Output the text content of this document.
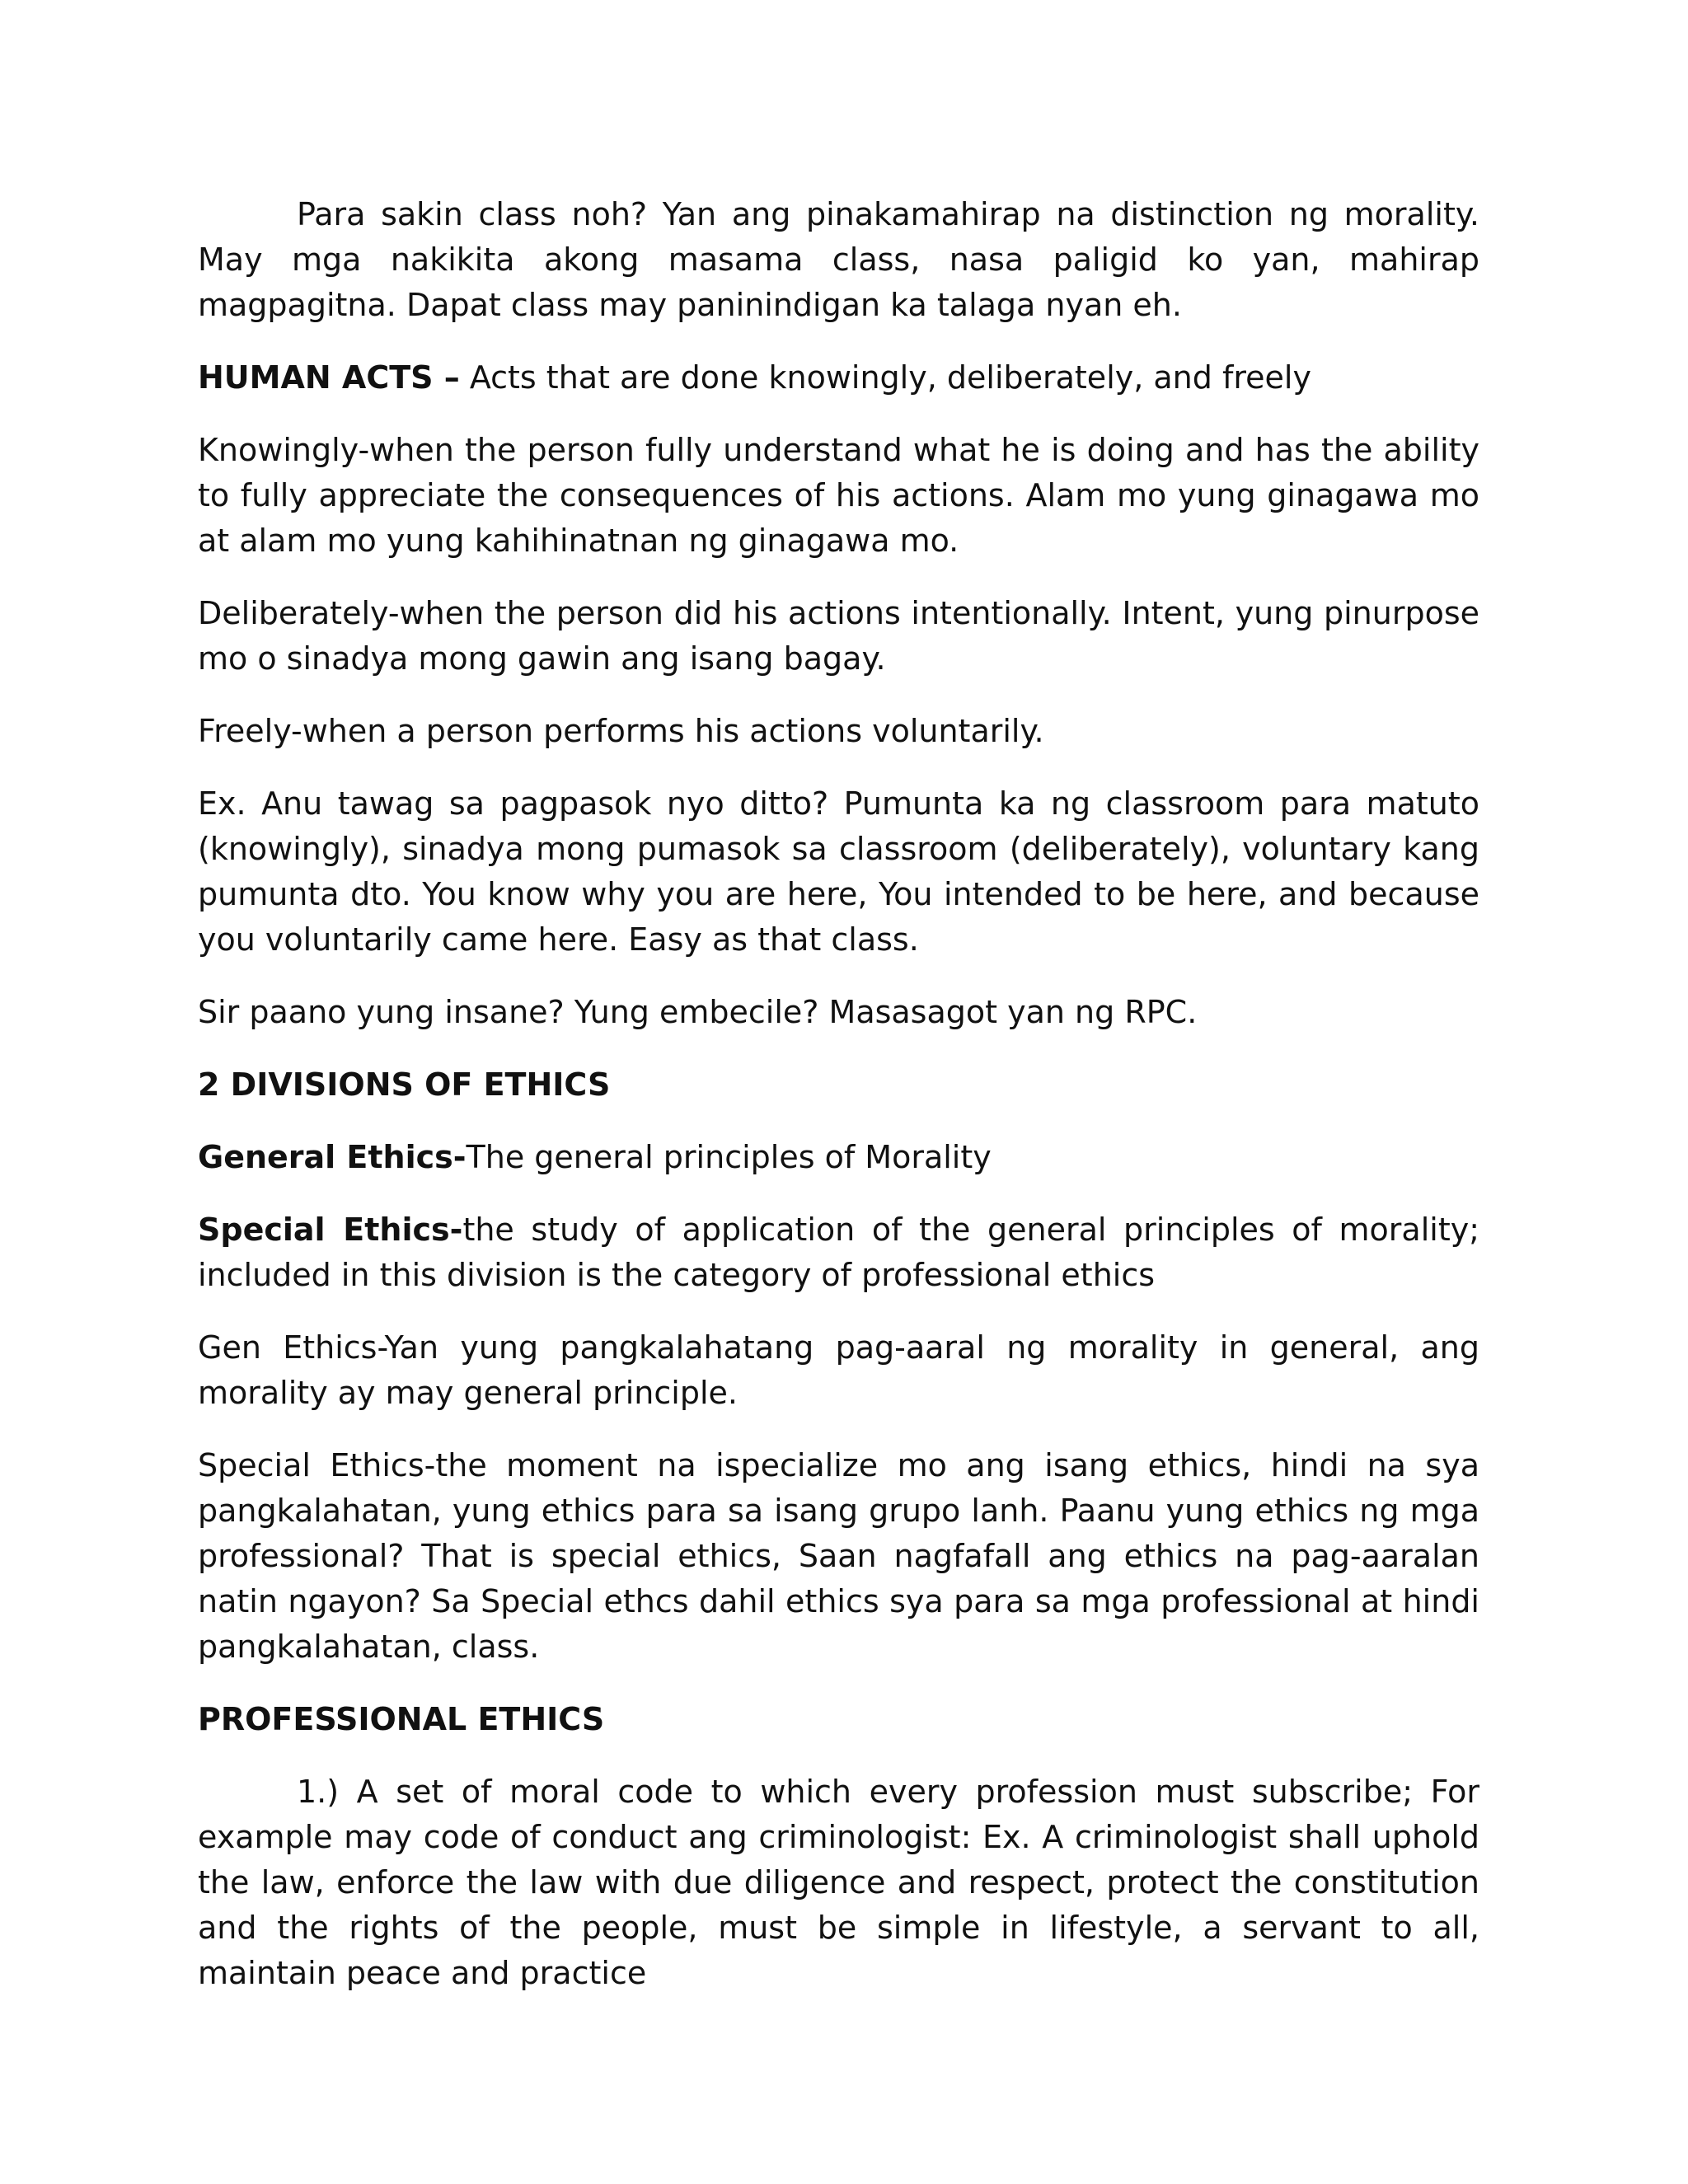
Para sakin class noh? Yan ang pinakamahirap na distinction ng morality. May mga nakikita akong masama class, nasa paligid ko yan, mahirap magpagitna. Dapat class may paninindigan ka talaga nyan eh.

HUMAN ACTS – Acts that are done knowingly, deliberately, and freely

Knowingly-when the person fully understand what he is doing and has the ability to fully appreciate the consequences of his actions. Alam mo yung ginagawa mo at alam mo yung kahihinatnan ng ginagawa mo.

Deliberately-when the person did his actions intentionally. Intent, yung pinurpose mo o sinadya mong gawin ang isang bagay.

Freely-when a person performs his actions voluntarily.

Ex. Anu tawag sa pagpasok nyo ditto? Pumunta ka ng classroom para matuto (knowingly), sinadya mong pumasok sa classroom (deliberately), voluntary kang pumunta dto. You know why you are here, You intended to be here, and because you voluntarily came here. Easy as that class.

Sir paano yung insane? Yung embecile? Masasagot yan ng RPC.

2 DIVISIONS OF ETHICS

General Ethics-The general principles of Morality

Special Ethics-the study of application of the general principles of morality; included in this division is the category of professional ethics

Gen Ethics-Yan yung pangkalahatang pag-aaral ng morality in general, ang morality ay may general principle.

Special Ethics-the moment na ispecialize mo ang isang ethics, hindi na sya pangkalahatan, yung ethics para sa isang grupo lanh. Paanu yung ethics ng mga professional? That is special ethics, Saan nagfafall ang ethics na pag-aaralan natin ngayon? Sa Special ethcs dahil ethics sya para sa mga professional at hindi pangkalahatan, class.

PROFESSIONAL ETHICS

1.) A set of moral code to which every profession must subscribe; For example may code of conduct ang criminologist: Ex. A criminologist shall uphold the law, enforce the law with due diligence and respect, protect the constitution and the rights of the people, must be simple in lifestyle, a servant to all, maintain peace and practice
